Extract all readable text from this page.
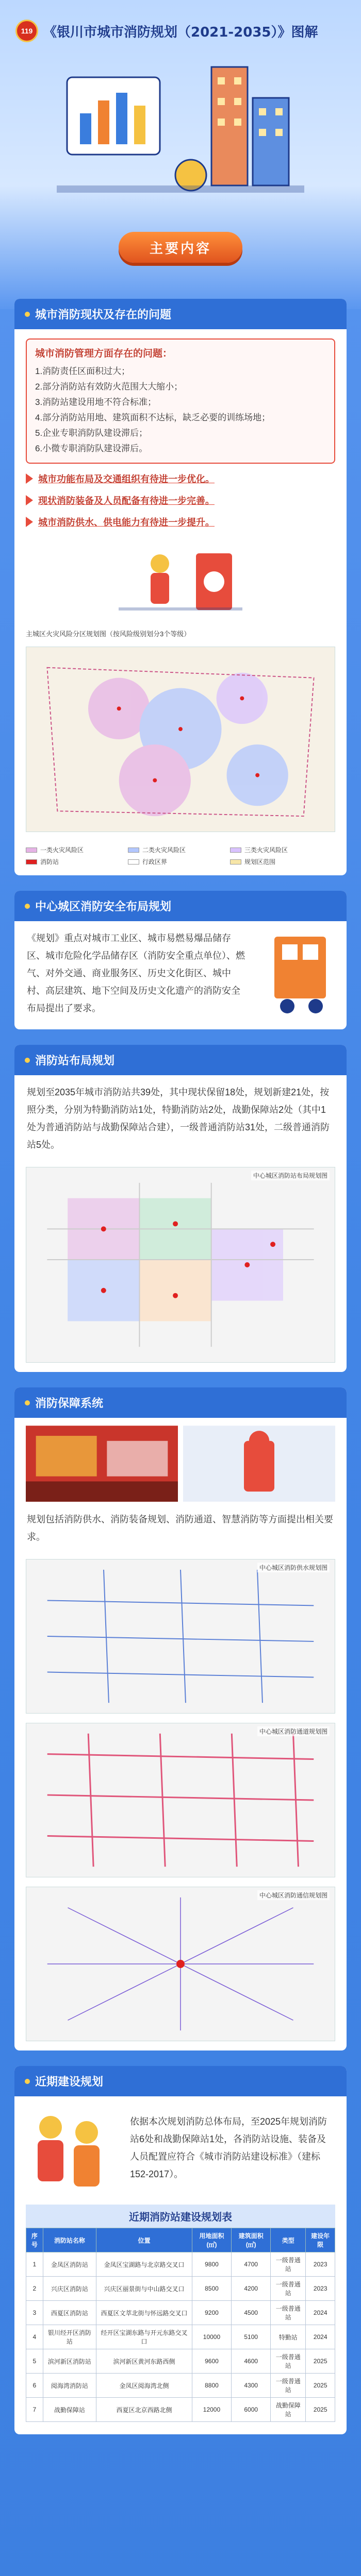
119 《银川市城市消防规划（2021-2035）》图解
主要内容
城市消防现状及存在的问题
城市消防管理方面存在的问题：
1.消防责任区面积过大；
2.部分消防站有效防火范围大大缩小；
3.消防站建设用地不符合标准；
4.部分消防站用地、建筑面积不达标，缺乏必要的训练场地；
5.企业专职消防队建设滞后；
6.小微专职消防队建设滞后。
城市功能布局及交通组织有待进一步优化。
现状消防装备及人员配备有待进一步完善。
城市消防供水、供电能力有待进一步提升。
主城区火灾风险分区规划图（按风险级别划分3个等级）
一类火灾风险区	二类火灾风险区	三类火灾风险区
消防站	行政区界	规划区范围
中心城区消防安全布局规划
《规划》重点对城市工业区、城市易燃易爆品储存区、城市危险化学品储存区（消防安全重点单位）、燃气、对外交通、商业服务区、历史文化街区、城中村、高层建筑、地下空间及历史文化遗产的消防安全布局提出了要求。
消防站布局规划
规划至2035年城市消防站共39处，其中现状保留18处，规划新建21处，按照分类，分别为特勤消防站1处，特勤消防站2处，战勤保障站2处（其中1处为普通消防站与战勤保障站合建），一级普通消防站31处，二级普通消防站5处。
中心城区消防站布局规划图
消防保障系统
规划包括消防供水、消防装备规划、消防通道、智慧消防等方面提出相关要求。
中心城区消防供水规划图
中心城区消防通道规划图
中心城区消防通信规划图
近期建设规划
依据本次规划消防总体布局，至2025年规划消防站6处和战勤保障站1处，各消防站设施、装备及人员配置应符合《城市消防站建设标准》（建标152-2017）。
近期消防站建设规划表
序号	消防站名称	位置	用地面积(㎡)	建筑面积(㎡)	类型	建设年限
1	金凤区消防站	金凤区宝湖路与北京路交叉口	9800	4700	一级普通站	2023
2	兴庆区消防站	兴庆区丽景街与中山路交叉口	8500	4200	一级普通站	2023
3	西夏区消防站	西夏区文萃北街与怀远路交叉口	9200	4500	一级普通站	2024
4	银川经开区消防站	经开区宝湖东路与开元东路交叉口	10000	5100	特勤站	2024
5	滨河新区消防站	滨河新区黄河东路西侧	9600	4600	一级普通站	2025
6	阅海湾消防站	金凤区阅海湾北侧	8800	4300	一级普通站	2025
7	战勤保障站	西夏区北京西路北侧	12000	6000	战勤保障站	2025
